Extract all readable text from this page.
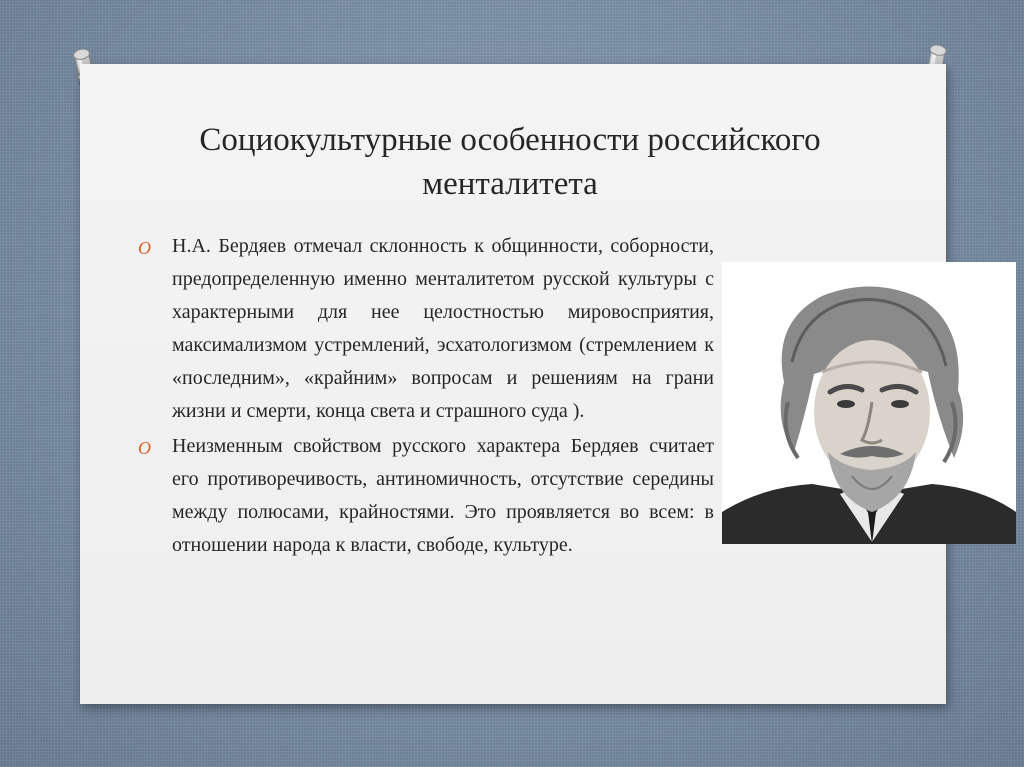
Социокультурные особенности российского менталитета
O Н.А. Бердяев отмечал склонность к общинности, соборности, предопределенную именно менталитетом русской культуры с характерными для нее целостностью мировосприятия, максимализмом устремлений, эсхатологизмом (стремлением к «последним», «крайним» вопросам и решениям на грани жизни и смерти, конца света и страшного суда ).
O Неизменным свойством русского характера Бердяев считает его противоречивость, антиномичность, отсутствие середины между полюсами, крайностями. Это проявляется во всем: в отношении народа к власти, свободе, культуре.
